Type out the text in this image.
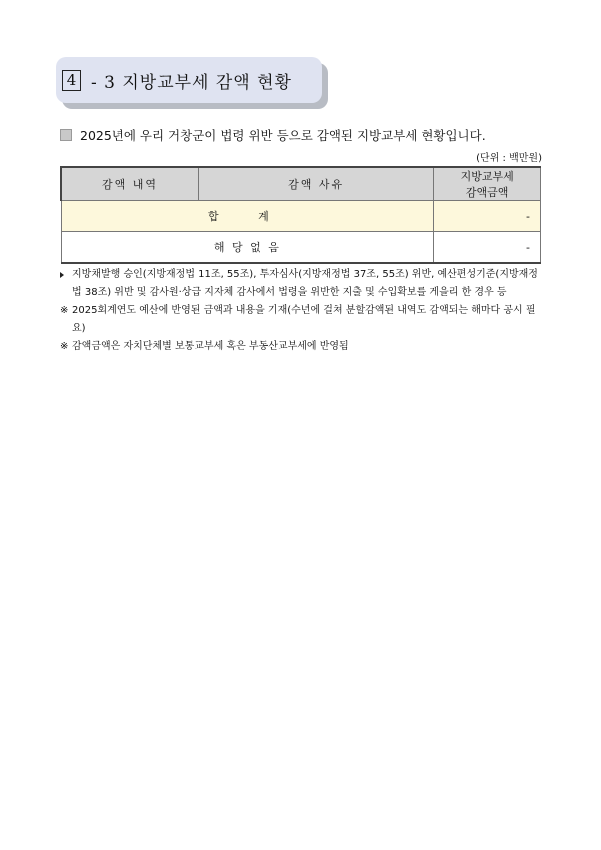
4 - 3 지방교부세 감액 현황
2025년에 우리 거창군이 법령 위반 등으로 감액된 지방교부세 현황입니다.
(단위 : 백만원)
감액 내역	감액 사유	지방교부세
감액금액

합 계		-
해 당 없 음		-
지방채발행 승인(지방재정법 11조, 55조), 투자심사(지방재정법 37조, 55조) 위반, 예산편성기준(지방재정법 38조) 위반 및 감사원·상급 지자체 감사에서 법령을 위반한 지출 및 수입확보를 게을리 한 경우 등
※ 2025회계연도 예산에 반영된 금액과 내용을 기재(수년에 걸쳐 분할감액된 내역도 감액되는 해마다 공시 필요)
※ 감액금액은 자치단체별 보통교부세 혹은 부동산교부세에 반영됨
